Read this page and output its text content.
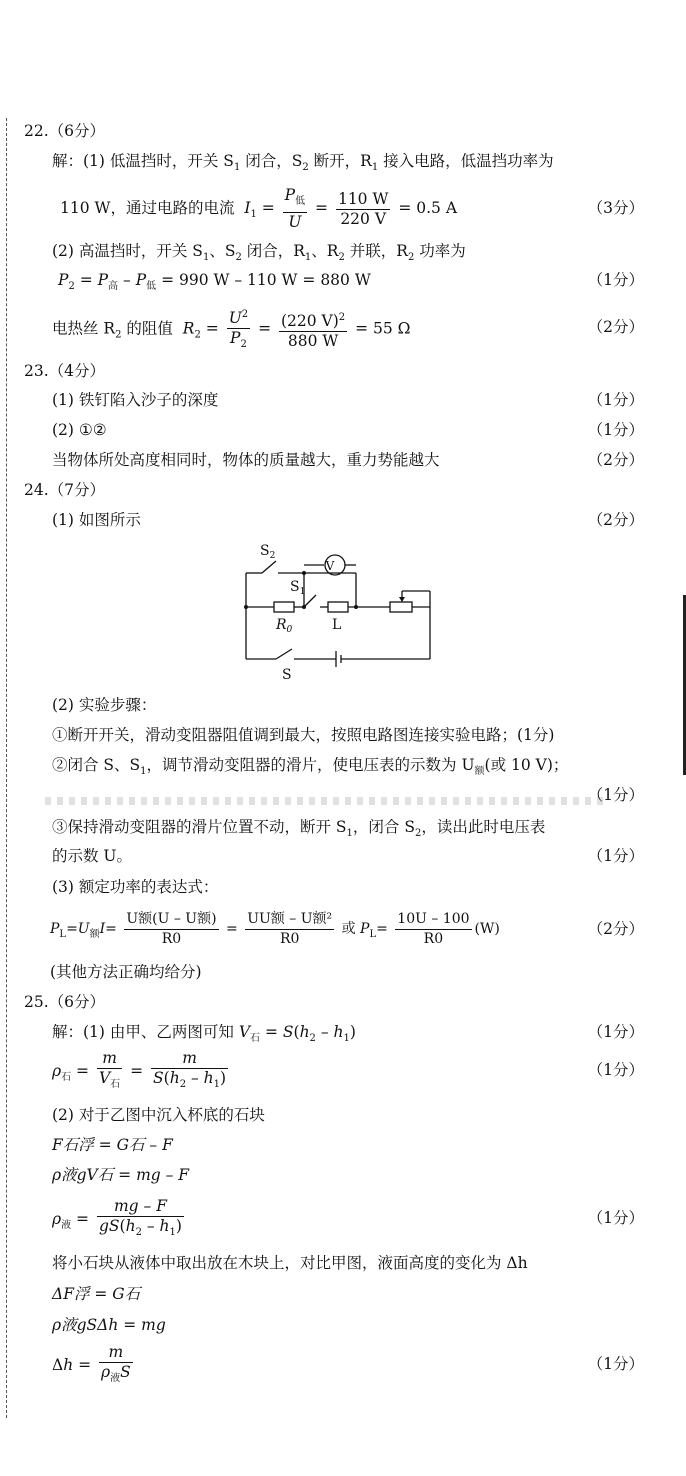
22.（6分）
解：(1) 低温挡时，开关 $S_1$ 闭合，$S_2$ 断开，$R_1$ 接入电路，低温挡功率为
110 W，通过电路的电流  $I_1 = \frac{P_低}{U} = \frac{110 W}{220 V} = 0.5$ A	（3分）
(2) 高温挡时，开关 $S_1$、$S_2$ 闭合，$R_1$、$R_2$ 并联，$R_2$ 功率为
$P_2 = P_高 - P_低 = 990$ W – 110 W = 880 W	（1分）
电热丝 $R_2$ 的阻值  $R_2 = \frac{U^2}{P_2} = \frac{(220 V)^2}{880 W} = 55$ Ω	（2分）
23.（4分）
(1) 铁钉陷入沙子的深度	（1分）
(2) ①②	（1分）
当物体所处高度相同时，物体的质量越大，重力势能越大	（2分）
24.（7分）
(1) 如图所示	（2分）
$S_2$
$S_1$
V
$R_0$	L
S
(2) 实验步骤：
①断开开关，滑动变阻器阻值调到最大，按照电路图连接实验电路；(1分)
②闭合 S、$S_1$，调节滑动变阻器的滑片，使电压表的示数为 $U_额$(或 10 V)；
（1分）
③保持滑动变阻器的滑片位置不动，断开 $S_1$，闭合 $S_2$，读出此时电压表
的示数 U。	（1分）
(3) 额定功率的表达式：
$P_L=U_额I= \frac{\text{U额(U – U额)}}{R0} = \frac{\text{UU额 – U额²}}{R0}$ 或 $P_L= \frac{10U - 100}{R0} (W)$	（2分）
(其他方法正确均给分)
25.（6分）
解：(1) 由甲、乙两图可知 $V_石 = S(h_2 - h_1)$	（1分）
$\rho_石 = \frac{m}{V_石} = \frac{m}{S(h_2 - h_1)}$	（1分）
(2) 对于乙图中沉入杯底的石块
F石浮 = G石 – F
ρ液gV石 = mg – F
$\rho_液 = \frac{mg - F}{gS(h_2 - h_1)}$	（1分）
将小石块从液体中取出放在木块上，对比甲图，液面高度的变化为 Δh
ΔF浮 = G石
ρ液gSΔh = mg
$\Delta h = \frac{m}{\rho_液S}$	（1分）
